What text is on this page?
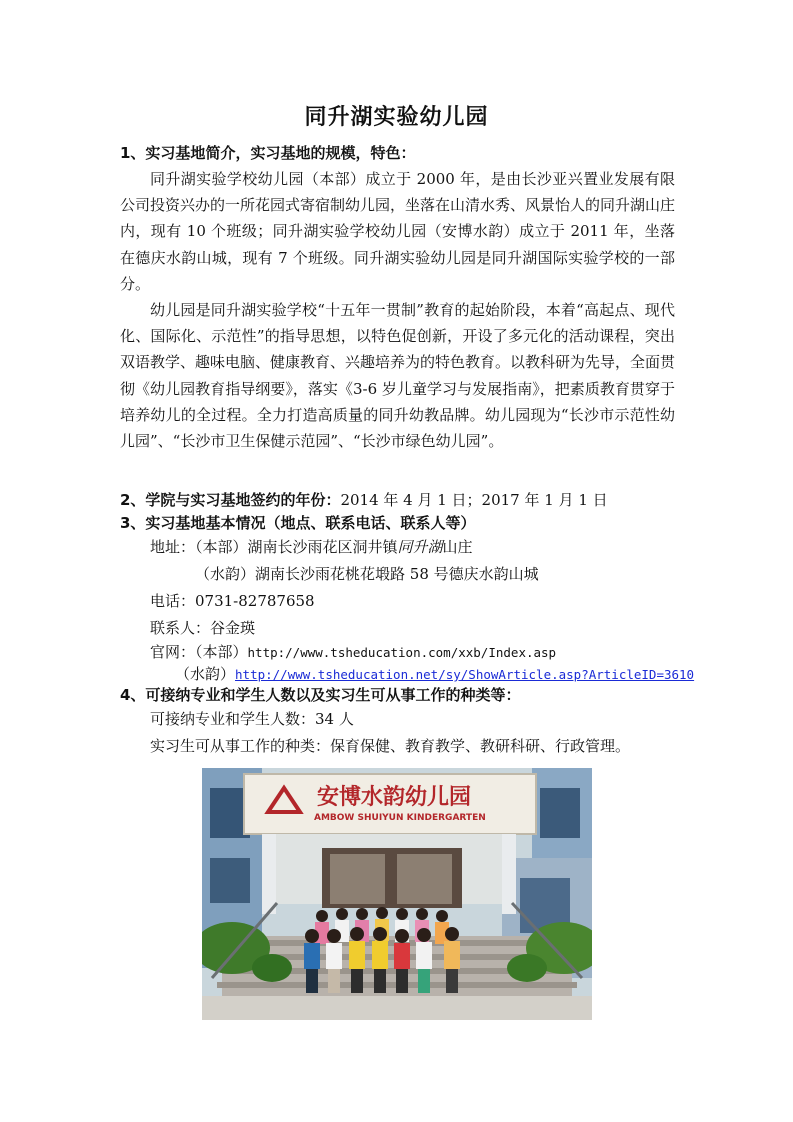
同升湖实验幼儿园
1、实习基地简介，实习基地的规模，特色：

同升湖实验学校幼儿园（本部）成立于 2000 年，是由长沙亚兴置业发展有限公司投资兴办的一所花园式寄宿制幼儿园，坐落在山清水秀、风景怡人的同升湖山庄内，现有 10 个班级；同升湖实验学校幼儿园（安博水韵）成立于 2011 年，坐落在德庆水韵山城，现有 7 个班级。同升湖实验幼儿园是同升湖国际实验学校的一部分。

幼儿园是同升湖实验学校“十五年一贯制”教育的起始阶段，本着“高起点、现代化、国际化、示范性”的指导思想，以特色促创新，开设了多元化的活动课程，突出双语教学、趣味电脑、健康教育、兴趣培养为的特色教育。以教科研为先导，全面贯彻《幼儿园教育指导纲要》，落实《3-6 岁儿童学习与发展指南》，把素质教育贯穿于培养幼儿的全过程。全力打造高质量的同升幼教品牌。幼儿园现为“长沙市示范性幼儿园”、“长沙市卫生保健示范园”、“长沙市绿色幼儿园”。

2、学院与实习基地签约的年份：2014 年 4 月 1 日；2017 年 1 月 1 日
3、实习基地基本情况（地点、联系电话、联系人等）
地址：（本部）湖南长沙雨花区洞井镇同升湖山庄
（水韵）湖南长沙雨花桃花塅路 58 号德庆水韵山城
电话：0731-82787658
联系人：谷金瑛
官网：（本部）http://www.tsheducation.com/xxb/Index.asp
（水韵）http://www.tsheducation.net/sy/ShowArticle.asp?ArticleID=3610
4、可接纳专业和学生人数以及实习生可从事工作的种类等：
可接纳专业和学生人数：34 人
实习生可从事工作的种类：保育保健、教育教学、教研科研、行政管理。
安博水韵幼儿园
AMBOW SHUIYUN KINDERGARTEN
